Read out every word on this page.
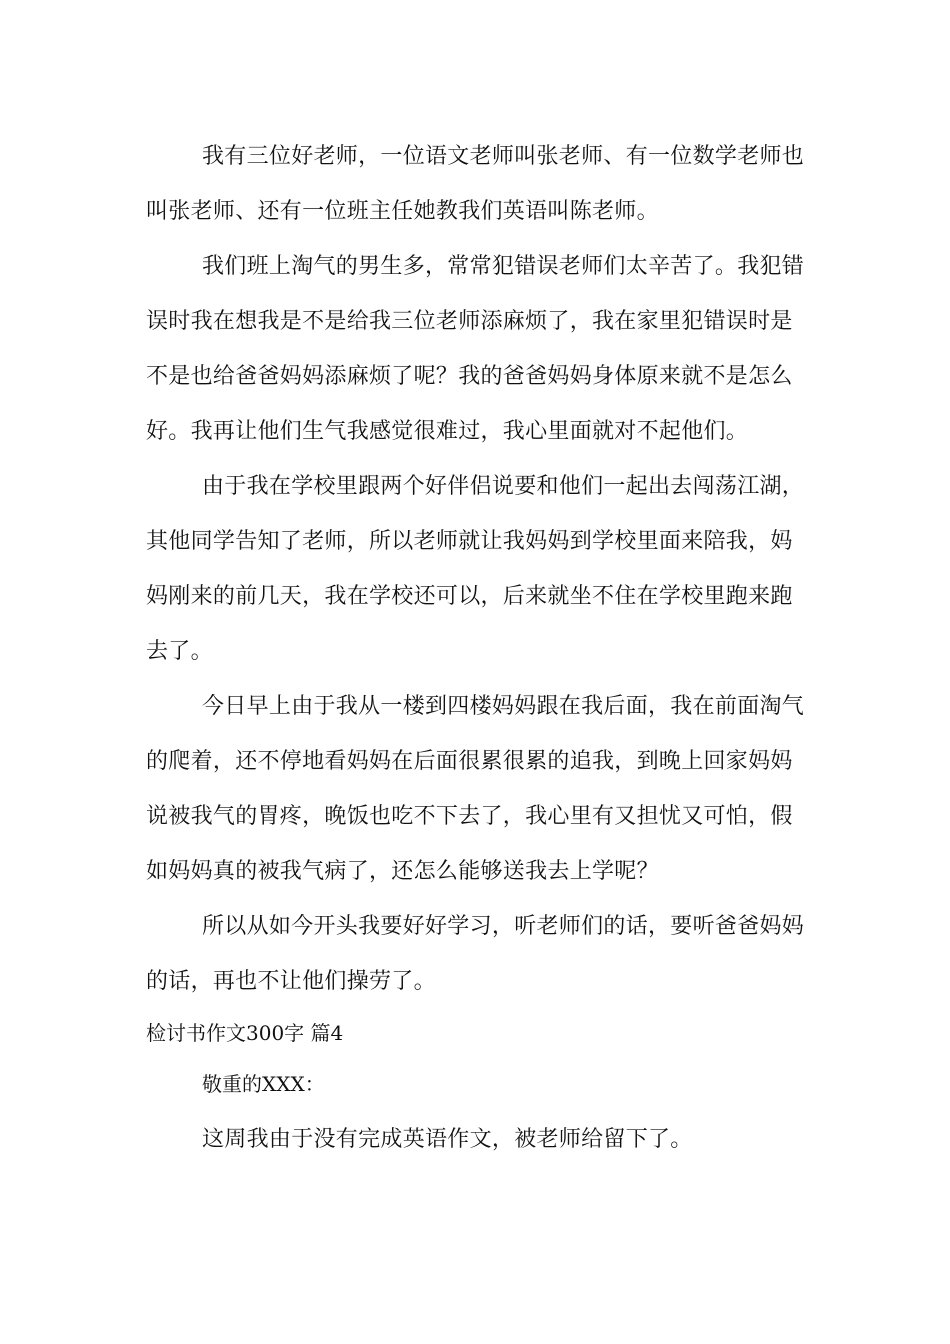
我有三位好老师，一位语文老师叫张老师、有一位数学老师也
叫张老师、还有一位班主任她教我们英语叫陈老师。
我们班上淘气的男生多，常常犯错误老师们太辛苦了。我犯错
误时我在想我是不是给我三位老师添麻烦了，我在家里犯错误时是
不是也给爸爸妈妈添麻烦了呢？我的爸爸妈妈身体原来就不是怎么
好。我再让他们生气我感觉很难过，我心里面就对不起他们。
由于我在学校里跟两个好伴侣说要和他们一起出去闯荡江湖，
其他同学告知了老师，所以老师就让我妈妈到学校里面来陪我，妈
妈刚来的前几天，我在学校还可以，后来就坐不住在学校里跑来跑
去了。
今日早上由于我从一楼到四楼妈妈跟在我后面，我在前面淘气
的爬着，还不停地看妈妈在后面很累很累的追我，到晚上回家妈妈
说被我气的胃疼，晚饭也吃不下去了，我心里有又担忧又可怕，假
如妈妈真的被我气病了，还怎么能够送我去上学呢？
所以从如今开头我要好好学习，听老师们的话，要听爸爸妈妈
的话，再也不让他们操劳了。
检讨书作文300字 篇4
敬重的XXX：
这周我由于没有完成英语作文，被老师给留下了。
